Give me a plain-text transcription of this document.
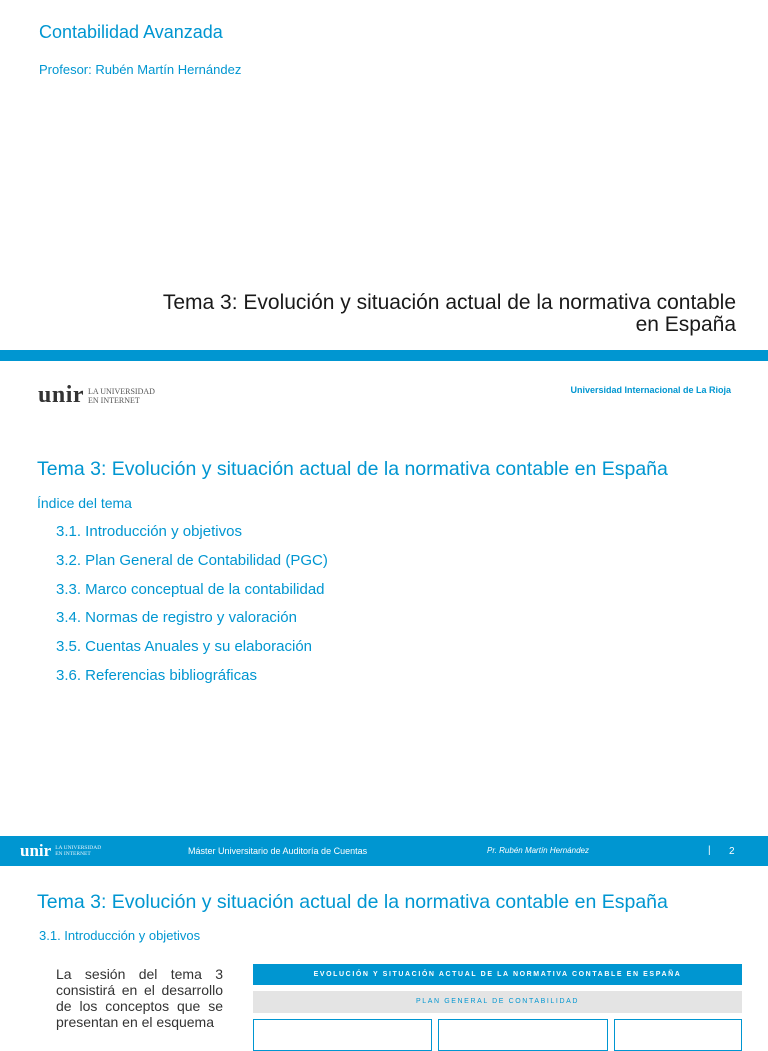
Contabilidad Avanzada
Profesor: Rubén Martín Hernández
Tema 3: Evolución y situación actual de la normativa contable en España
unir LA UNIVERSIDAD
EN INTERNET
Universidad Internacional de La Rioja
Tema 3: Evolución y situación actual de la normativa contable en España
Índice del tema
3.1. Introducción y objetivos
3.2. Plan General de Contabilidad (PGC)
3.3. Marco conceptual de la contabilidad
3.4. Normas de registro y valoración
3.5. Cuentas Anuales y su elaboración
3.6. Referencias bibliográficas
unir LA UNIVERSIDAD
EN INTERNET	Máster Universitario de Auditoría de Cuentas	Pr. Rubén Martín Hernández	| 2
Tema 3: Evolución y situación actual de la normativa contable en España
3.1. Introducción y objetivos
La sesión del tema 3 consistirá en el desarrollo de los conceptos que se presentan en el esquema
EVOLUCIÓN Y SITUACIÓN ACTUAL DE LA NORMATIVA CONTABLE EN ESPAÑA
PLAN GENERAL DE CONTABILIDAD
